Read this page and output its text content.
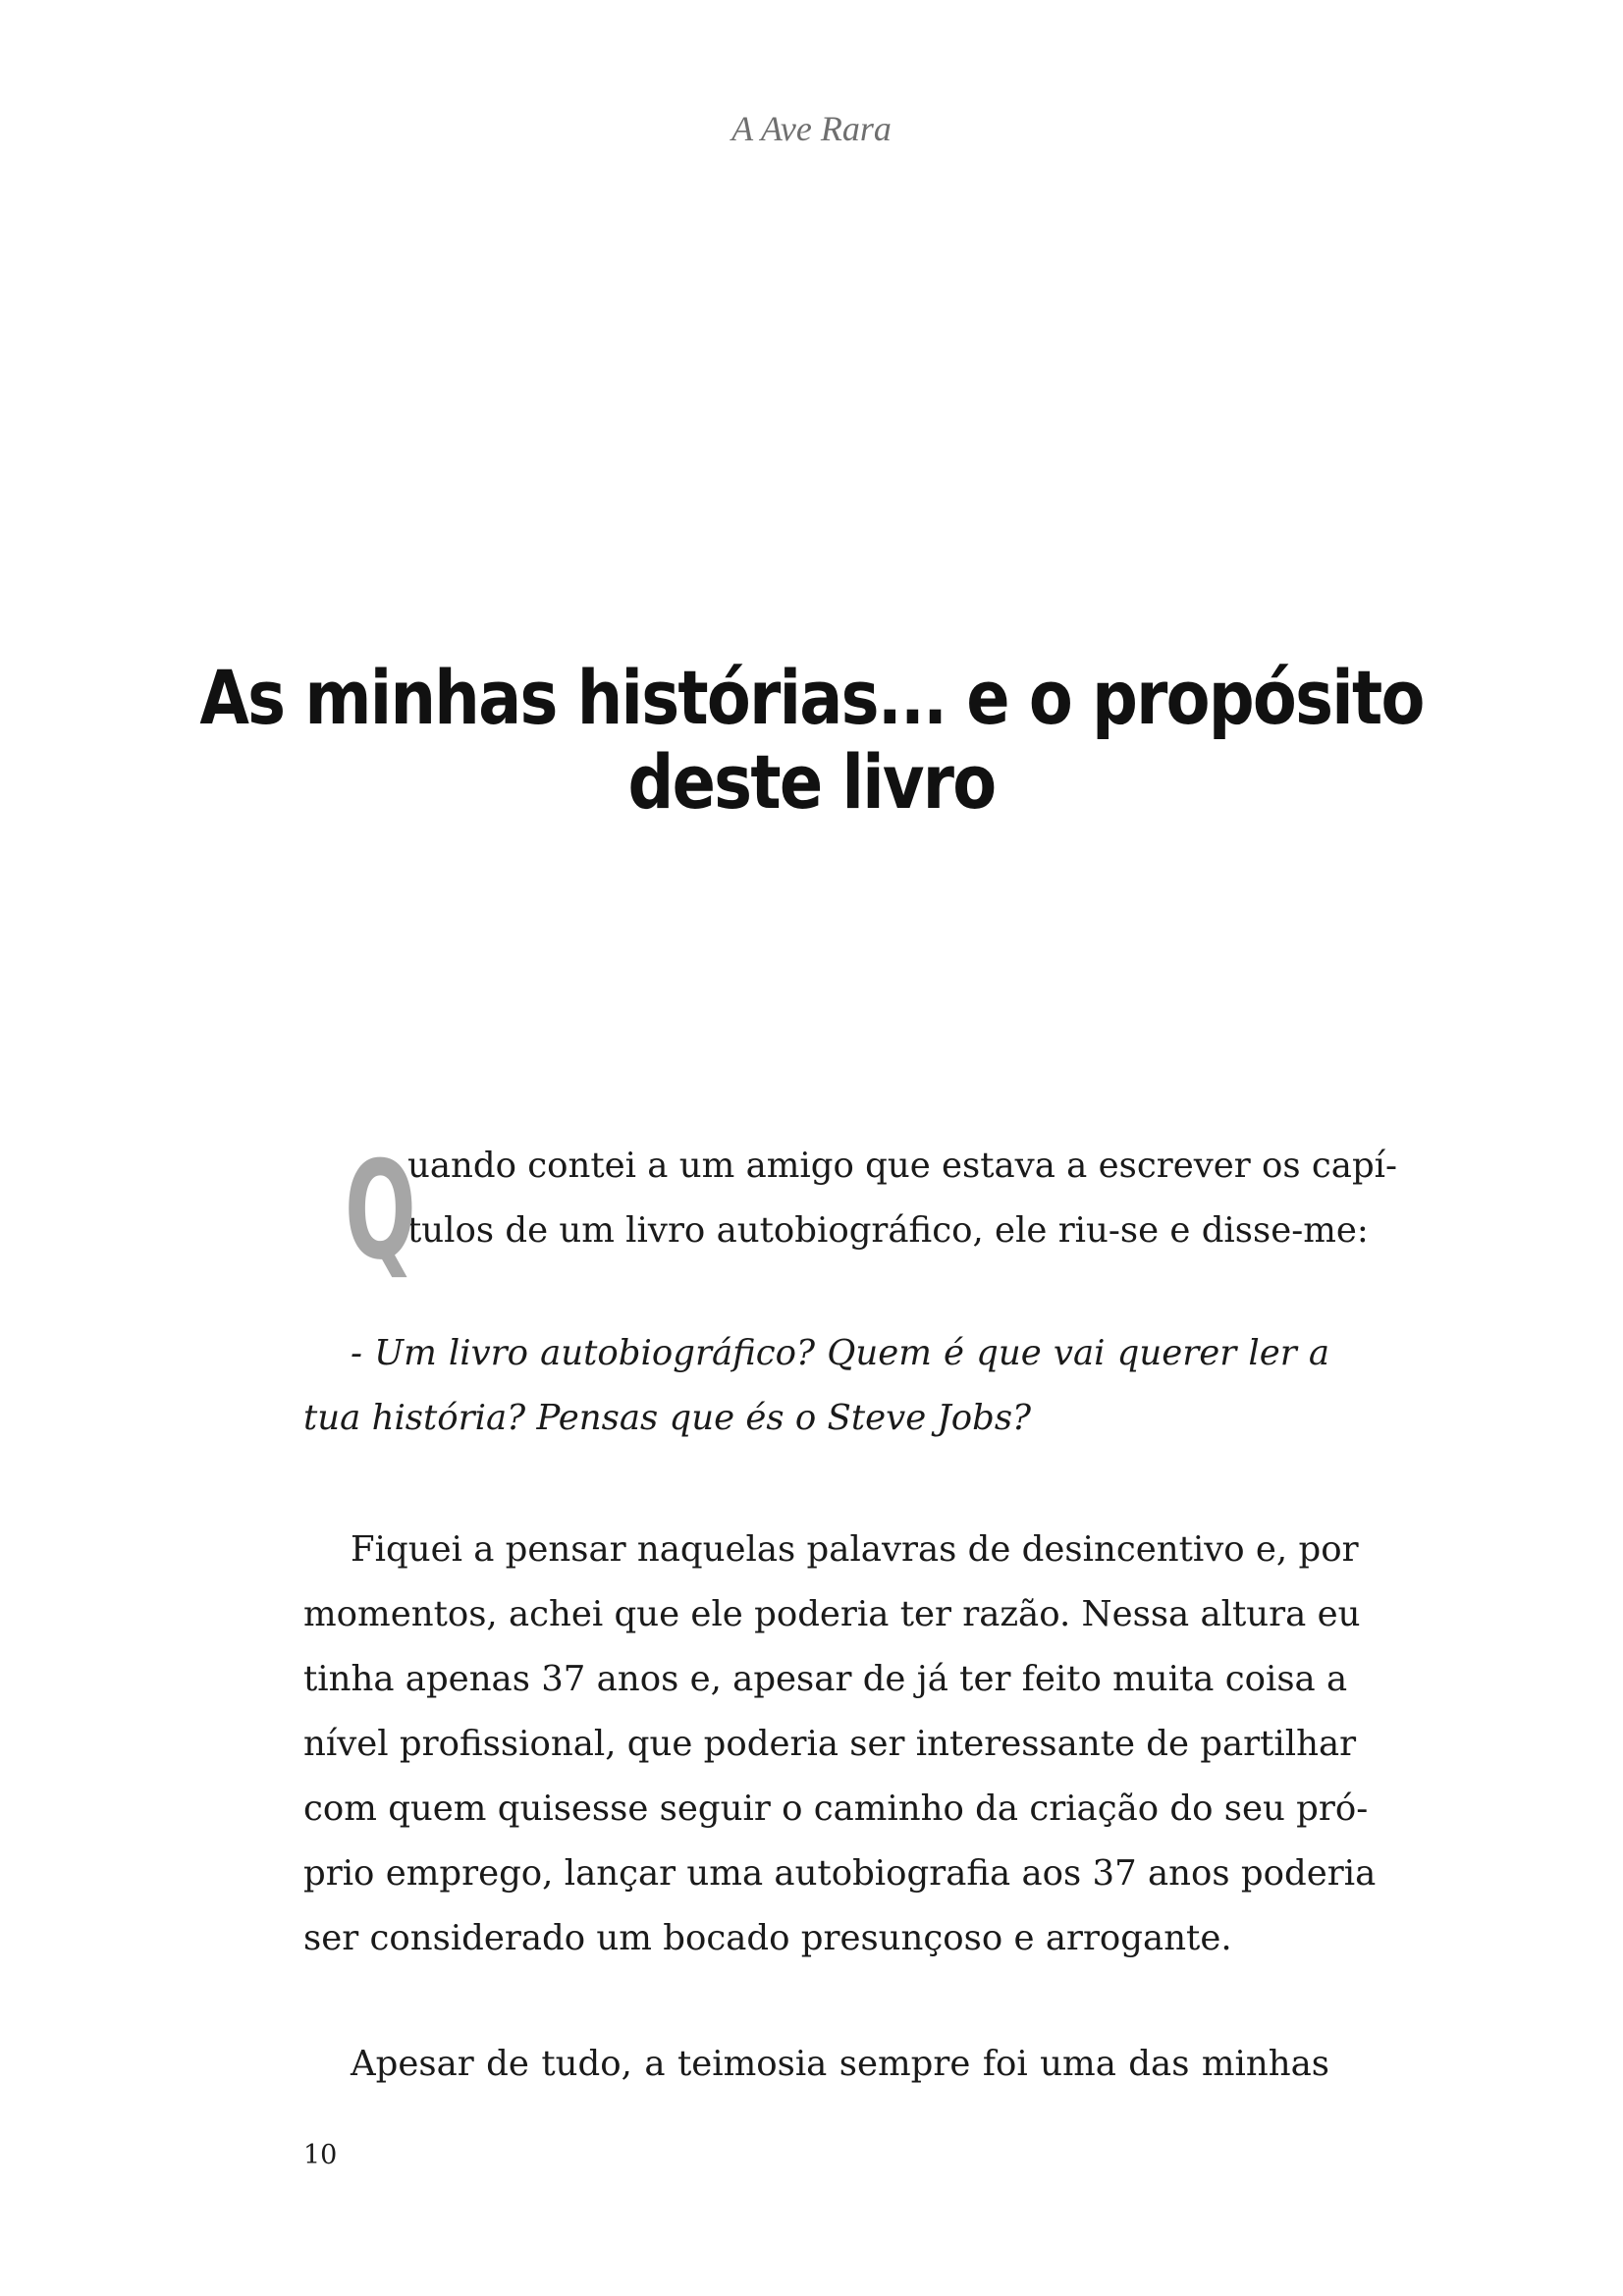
A Ave Rara
As minhas histórias... e o propósito
deste livro
Q
uando contei a um amigo que estava a escrever os capí-
tulos de um livro autobiográfico, ele riu-se e disse-me:
- Um livro autobiográfico? Quem é que vai querer ler a
tua história? Pensas que és o Steve Jobs?
Fiquei a pensar naquelas palavras de desincentivo e, por
momentos, achei que ele poderia ter razão. Nessa altura eu
tinha apenas 37 anos e, apesar de já ter feito muita coisa a
nível profissional, que poderia ser interessante de partilhar
com quem quisesse seguir o caminho da criação do seu pró-
prio emprego, lançar uma autobiografia aos 37 anos poderia
ser considerado um bocado presunçoso e arrogante.
Apesar de tudo, a teimosia sempre foi uma das minhas
10
